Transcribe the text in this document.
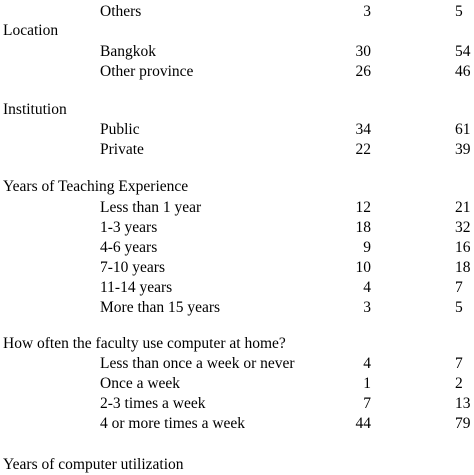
Others	3	5
Location
Bangkok	30	54
Other province	26	46
Institution
Public	34	61
Private	22	39
Years of Teaching Experience
Less than 1 year	12	21
1-3 years	18	32
4-6 years	9	16
7-10 years	10	18
11-14 years	4	7
More than 15 years	3	5
How often the faculty use computer at home?
Less than once a week or never	4	7
Once a week	1	2
2-3 times a week	7	13
4 or more times a week	44	79
Years of computer utilization
